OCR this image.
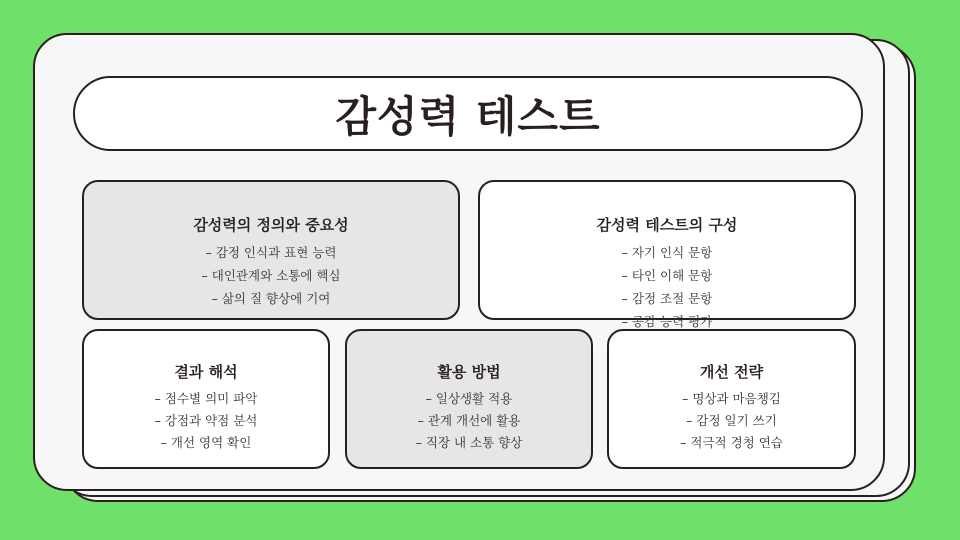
감성력 테스트
감성력의 정의와 중요성
– 감정 인식과 표현 능력
– 대인관계와 소통에 핵심
– 삶의 질 향상에 기여
감성력 테스트의 구성
– 자기 인식 문항
– 타인 이해 문항
– 감정 조절 문항
– 공감 능력 평가
결과 해석
– 점수별 의미 파악
– 강점과 약점 분석
– 개선 영역 확인
활용 방법
– 일상생활 적용
– 관계 개선에 활용
– 직장 내 소통 향상
개선 전략
– 명상과 마음챙김
– 감정 일기 쓰기
– 적극적 경청 연습
